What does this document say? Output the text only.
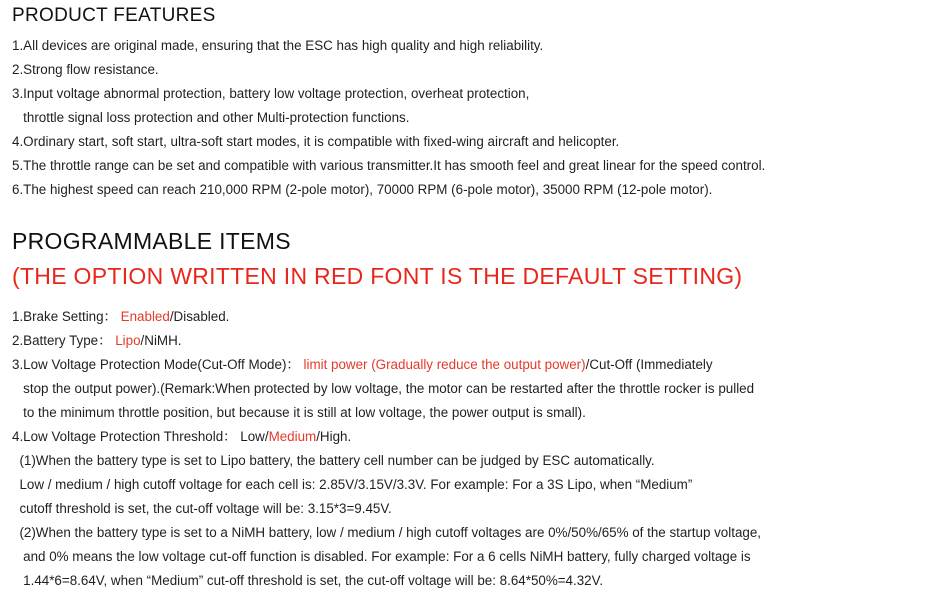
PRODUCT FEATURES
1.All devices are original made, ensuring that the ESC has high quality and high reliability.
2.Strong flow resistance.
3.Input voltage abnormal protection, battery low voltage protection, overheat protection,
throttle signal loss protection and other Multi-protection functions.
4.Ordinary start, soft start, ultra-soft start modes, it is compatible with fixed-wing aircraft and helicopter.
5.The throttle range can be set and compatible with various transmitter.It has smooth feel and great linear for the speed control.
6.The highest speed can reach 210,000 RPM (2-pole motor), 70000 RPM (6-pole motor), 35000 RPM (12-pole motor).
PROGRAMMABLE ITEMS
(THE OPTION WRITTEN IN RED FONT IS THE DEFAULT SETTING)
1.Brake Setting： Enabled/Disabled.
2.Battery Type： Lipo/NiMH.
3.Low Voltage Protection Mode(Cut-Off Mode)： limit power (Gradually reduce the output power)/Cut-Off (Immediately
stop the output power).(Remark:When protected by low voltage, the motor can be restarted after the throttle rocker is pulled
to the minimum throttle position, but because it is still at low voltage, the power output is small).
4.Low Voltage Protection Threshold： Low/Medium/High.
(1)When the battery type is set to Lipo battery, the battery cell number can be judged by ESC automatically.
Low / medium / high cutoff voltage for each cell is: 2.85V/3.15V/3.3V. For example: For a 3S Lipo, when “Medium”
cutoff threshold is set, the cut-off voltage will be: 3.15*3=9.45V.
(2)When the battery type is set to a NiMH battery, low / medium / high cutoff voltages are 0%/50%/65% of the startup voltage,
and 0% means the low voltage cut-off function is disabled. For example: For a 6 cells NiMH battery, fully charged voltage is
1.44*6=8.64V, when “Medium” cut-off threshold is set, the cut-off voltage will be: 8.64*50%=4.32V.
